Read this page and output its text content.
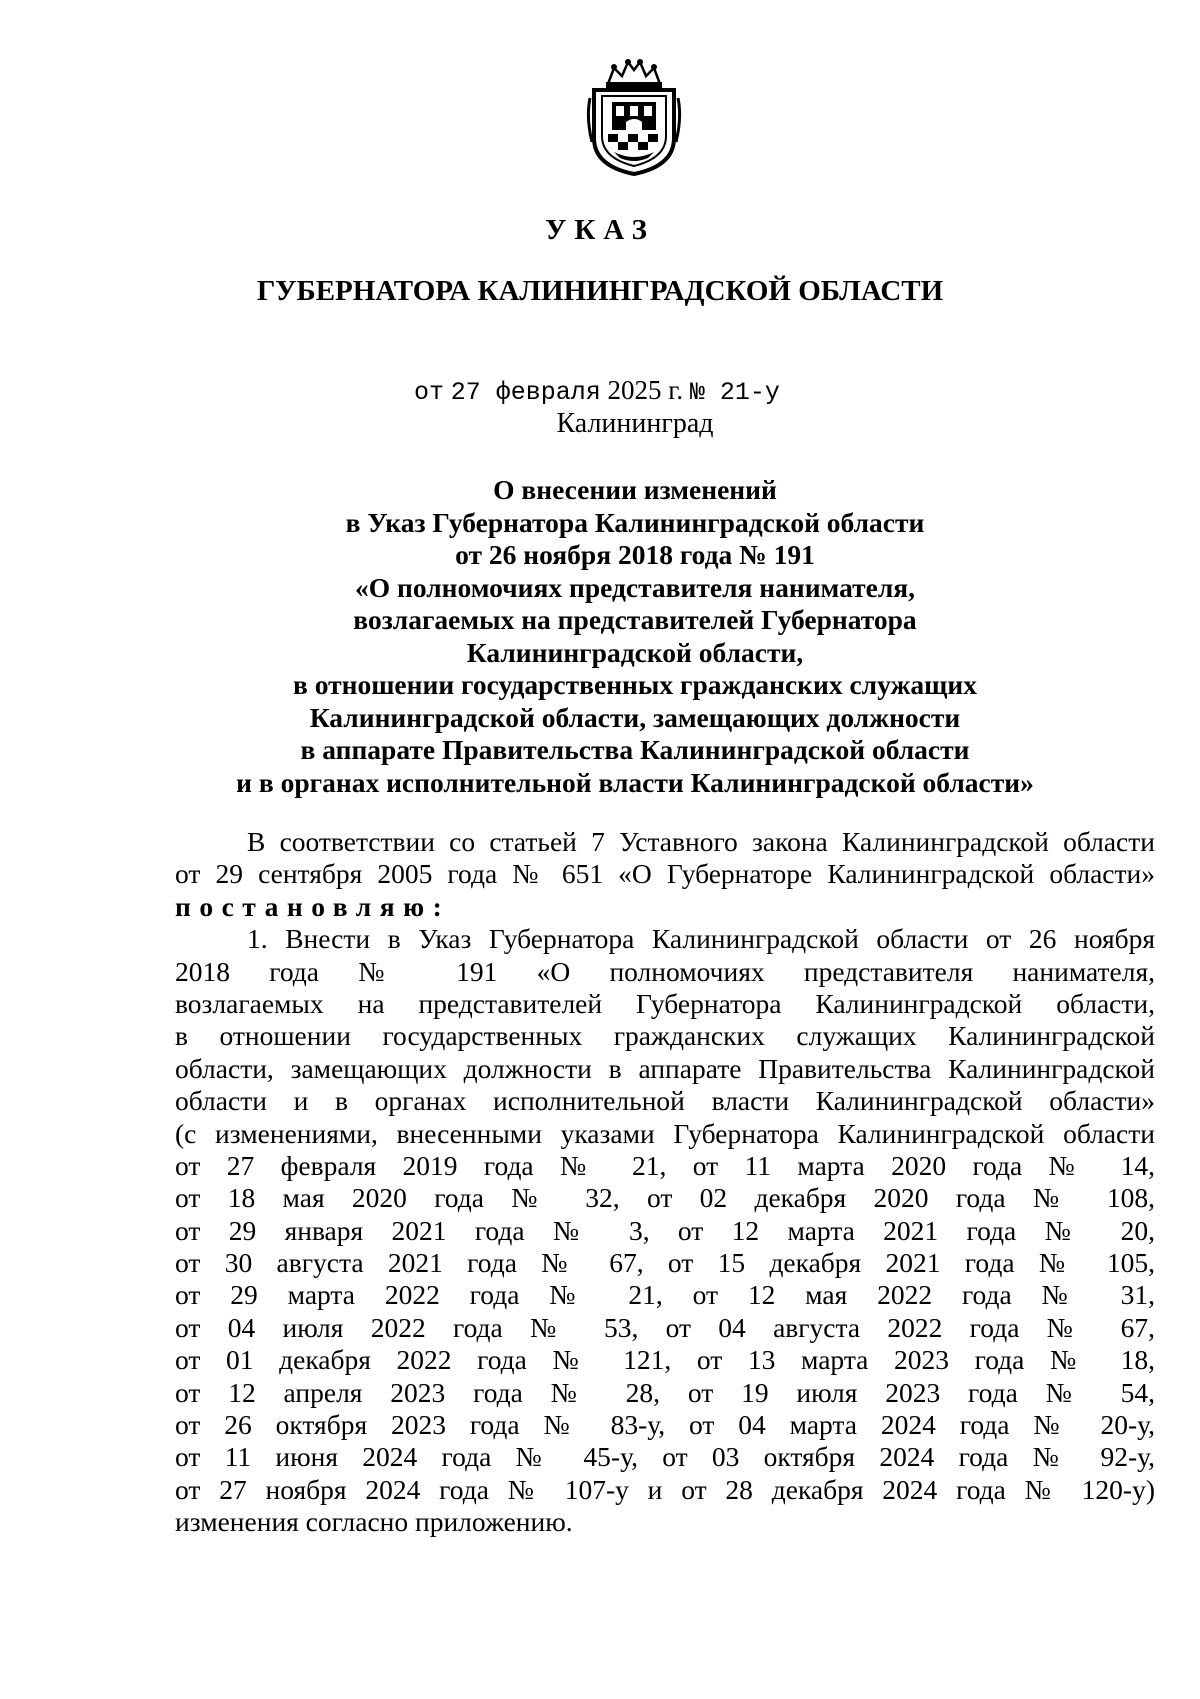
УКАЗ
ГУБЕРНАТОРА КАЛИНИНГРАДСКОЙ ОБЛАСТИ
от 27 февраля 2025 г. № 21-у
Калининград
О внесении изменений
в Указ Губернатора Калининградской области
от 26 ноября 2018 года № 191
«О полномочиях представителя нанимателя,
возлагаемых на представителей Губернатора
Калининградской области,
в отношении государственных гражданских служащих
Калининградской области, замещающих должности
в аппарате Правительства Калининградской области
и в органах исполнительной власти Калининградской области»
В соответствии со статьей 7 Уставного закона Калининградской области
от 29 сентября 2005 года № 651 «О Губернаторе Калининградской области»
постановляю:
1. Внести в Указ Губернатора Калининградской области от 26 ноября
2018 года № 191 «О полномочиях представителя нанимателя,
возлагаемых на представителей Губернатора Калининградской области,
в отношении государственных гражданских служащих Калининградской
области, замещающих должности в аппарате Правительства Калининградской
области и в органах исполнительной власти Калининградской области»
(с изменениями, внесенными указами Губернатора Калининградской области
от 27 февраля 2019 года № 21, от 11 марта 2020 года № 14,
от 18 мая 2020 года № 32, от 02 декабря 2020 года № 108,
от 29 января 2021 года № 3, от 12 марта 2021 года № 20,
от 30 августа 2021 года № 67, от 15 декабря 2021 года № 105,
от 29 марта 2022 года № 21, от 12 мая 2022 года № 31,
от 04 июля 2022 года № 53, от 04 августа 2022 года № 67,
от 01 декабря 2022 года № 121, от 13 марта 2023 года № 18,
от 12 апреля 2023 года № 28, от 19 июля 2023 года № 54,
от 26 октября 2023 года № 83-у, от 04 марта 2024 года № 20-у,
от 11 июня 2024 года № 45-у, от 03 октября 2024 года № 92-у,
от 27 ноября 2024 года № 107-у и от 28 декабря 2024 года № 120-у)
изменения согласно приложению.
